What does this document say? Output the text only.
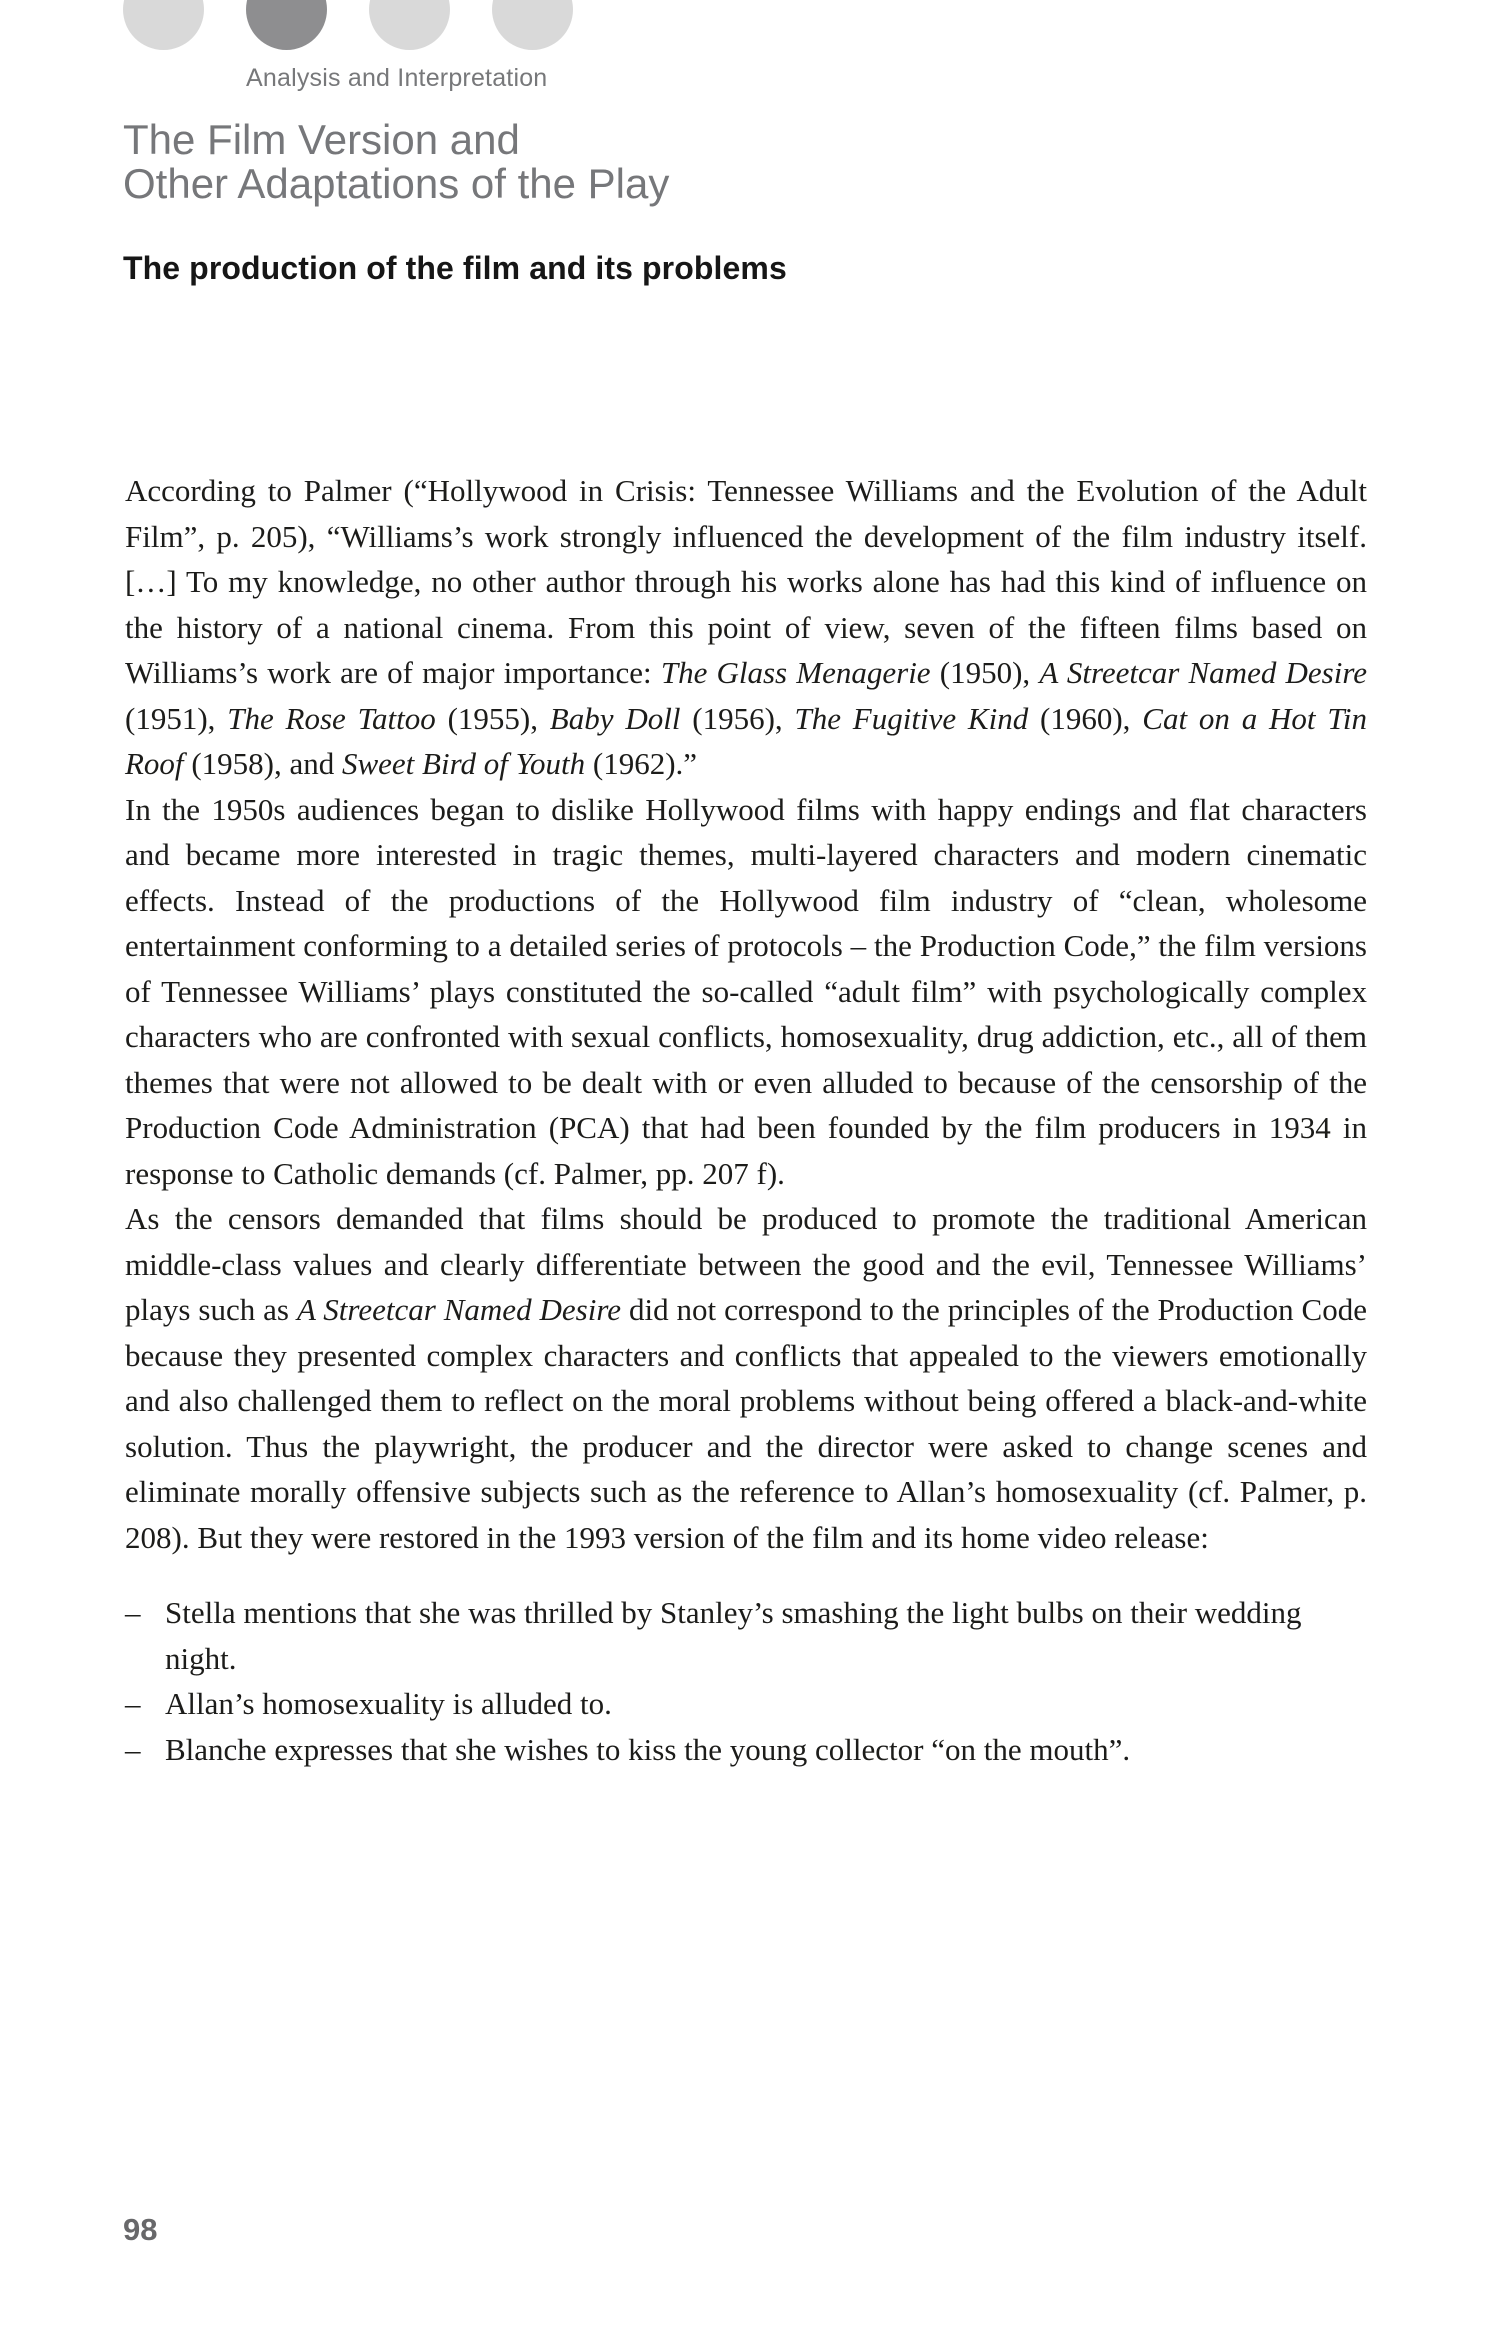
Analysis and Interpretation
The Film Version and
Other Adaptations of the Play
The production of the film and its problems

According to Palmer (“Hollywood in Crisis: Tennessee Williams and the Evolution of the Adult Film”, p. 205), “Williams’s work strongly influenced the development of the film industry itself. […] To my knowledge, no other author through his works alone has had this kind of influence on the history of a national cinema. From this point of view, seven of the fifteen films based on Williams’s work are of major importance: The Glass Menagerie (1950), A Streetcar Named Desire (1951), The Rose Tattoo (1955), Baby Doll (1956), The Fugitive Kind (1960), Cat on a Hot Tin Roof (1958), and Sweet Bird of Youth (1962).”

In the 1950s audiences began to dislike Hollywood films with happy endings and flat characters and became more interested in tragic themes, multi-layered characters and modern cinematic effects. Instead of the productions of the Hollywood film industry of “clean, wholesome entertainment conforming to a detailed series of protocols – the Production Code,” the film versions of Tennessee Williams’ plays constituted the so-called “adult film” with psychologically complex characters who are confronted with sexual conflicts, homosexuality, drug addiction, etc., all of them themes that were not allowed to be dealt with or even alluded to because of the censorship of the Production Code Administration (PCA) that had been founded by the film producers in 1934 in response to Catholic demands (cf. Palmer, pp. 207 f).

As the censors demanded that films should be produced to promote the traditional American middle-class values and clearly differentiate between the good and the evil, Tennessee Williams’ plays such as A Streetcar Named Desire did not correspond to the principles of the Production Code because they presented complex characters and conflicts that appealed to the viewers emotionally and also challenged them to reflect on the moral problems without being offered a black-and-white solution. Thus the playwright, the producer and the director were asked to change scenes and eliminate morally offensive subjects such as the reference to Allan’s homosexuality (cf. Palmer, p. 208). But they were restored in the 1993 version of the film and its home video release:

– Stella mentions that she was thrilled by Stanley’s smashing the light bulbs on their wedding night.
– Allan’s homosexuality is alluded to.
– Blanche expresses that she wishes to kiss the young collector “on the mouth”.
98
